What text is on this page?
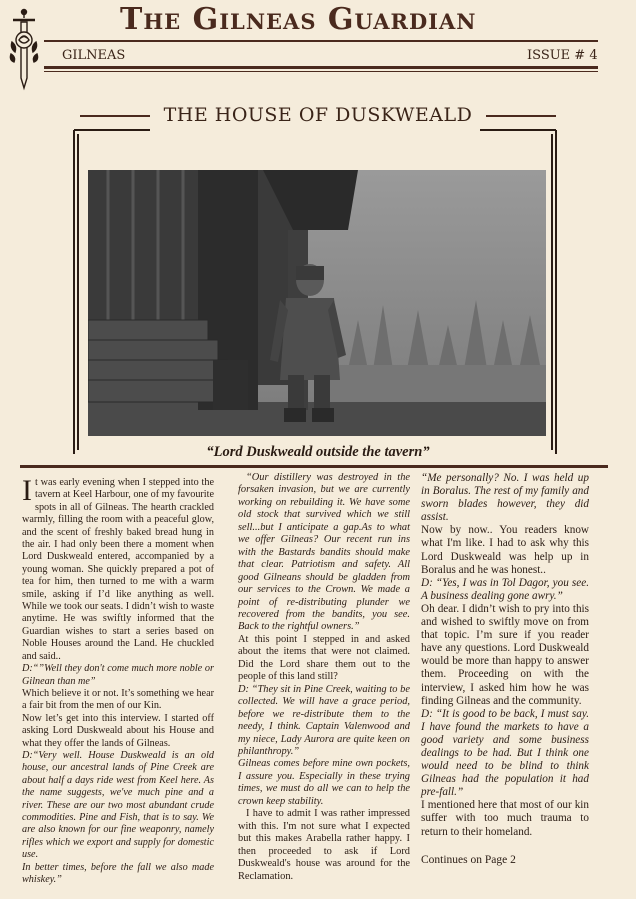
The Gilneas Guardian
GILNEAS	ISSUE # 4
THE HOUSE OF DUSKWEALD
“Lord Duskweald outside the tavern”

It was early evening when I stepped into the tavern at Keel Harbour, one of my favourite spots in all of Gilneas. The hearth crackled warmly, filling the room with a peaceful glow, and the scent of freshly baked bread hung in the air. I had only been there a moment when Lord Duskweald entered, accompanied by a young woman. She quickly prepared a pot of tea for him, then turned to me with a warm smile, asking if I’d like anything as well. While we took our seats. I didn’t wish to waste anytime. He was swiftly informed that the Guardian wishes to start a series based on Noble Houses around the Land. He chuckled and said..

D:“”Well they don't come much more noble or Gilnean than me”

Which believe it or not. It’s something we hear a fair bit from the men of our Kin.

Now let’s get into this interview. I started off asking Lord Duskweald about his House and what they offer the lands of Gilneas.

D:“Very well. House Duskweald is an old house, our ancestral lands of Pine Creek are about half a days ride west from Keel here. As the name suggests, we've much pine and a river. These are our two most abundant crude commodities. Pine and Fish, that is to say. We are also known for our fine weaponry, namely rifles which we export and supply for domestic use.

In better times, before the fall we also made whiskey.”

“Our distillery was destroyed in the forsaken invasion, but we are currently working on rebuilding it. We have some old stock that survived which we still sell...but I anticipate a gap.As to what we offer Gilneas? Our recent run ins with the Bastards bandits should make that clear. Patriotism and safety. All good Gilneans should be gladden from our services to the Crown. We made a point of re-distributing plunder we recovered from the bandits, you see. Back to the rightful owners.”

At this point I stepped in and asked about the items that were not claimed. Did the Lord share them out to the people of this land still?

D: “They sit in Pine Creek, waiting to be collected. We will have a grace period, before we re-distribute them to the needy, I think. Captain Valenwood and my niece, Lady Aurora are quite keen on philanthropy.”

Gilneas comes before mine own pockets, I assure you. Especially in these trying times, we must do all we can to help the crown keep stability.

I have to admit I was rather impressed with this. I'm not sure what I expected but this makes Arabella rather happy. I then proceeded to ask if Lord Duskweald's house was around for the Reclamation.

“Me personally? No. I was held up in Boralus. The rest of my family and sworn blades however, they did assist.

Now by now.. You readers know what I'm like. I had to ask why this Lord Duskweald was help up in Boralus and he was honest..

D: “Yes, I was in Tol Dagor, you see. A business dealing gone awry.”

Oh dear. I didn’t wish to pry into this and wished to swiftly move on from that topic. I’m sure if you reader have any questions. Lord Duskweald would be more than happy to answer them. Proceeding on with the interview, I asked him how he was finding Gilneas and the community.

D: “It is good to be back, I must say. I have found the markets to have a good variety and some business dealings to be had. But I think one would need to be blind to think Gilneas had the population it had pre-fall.”

I mentioned here that most of our kin suffer with too much trauma to return to their homeland.

Continues on Page 2
